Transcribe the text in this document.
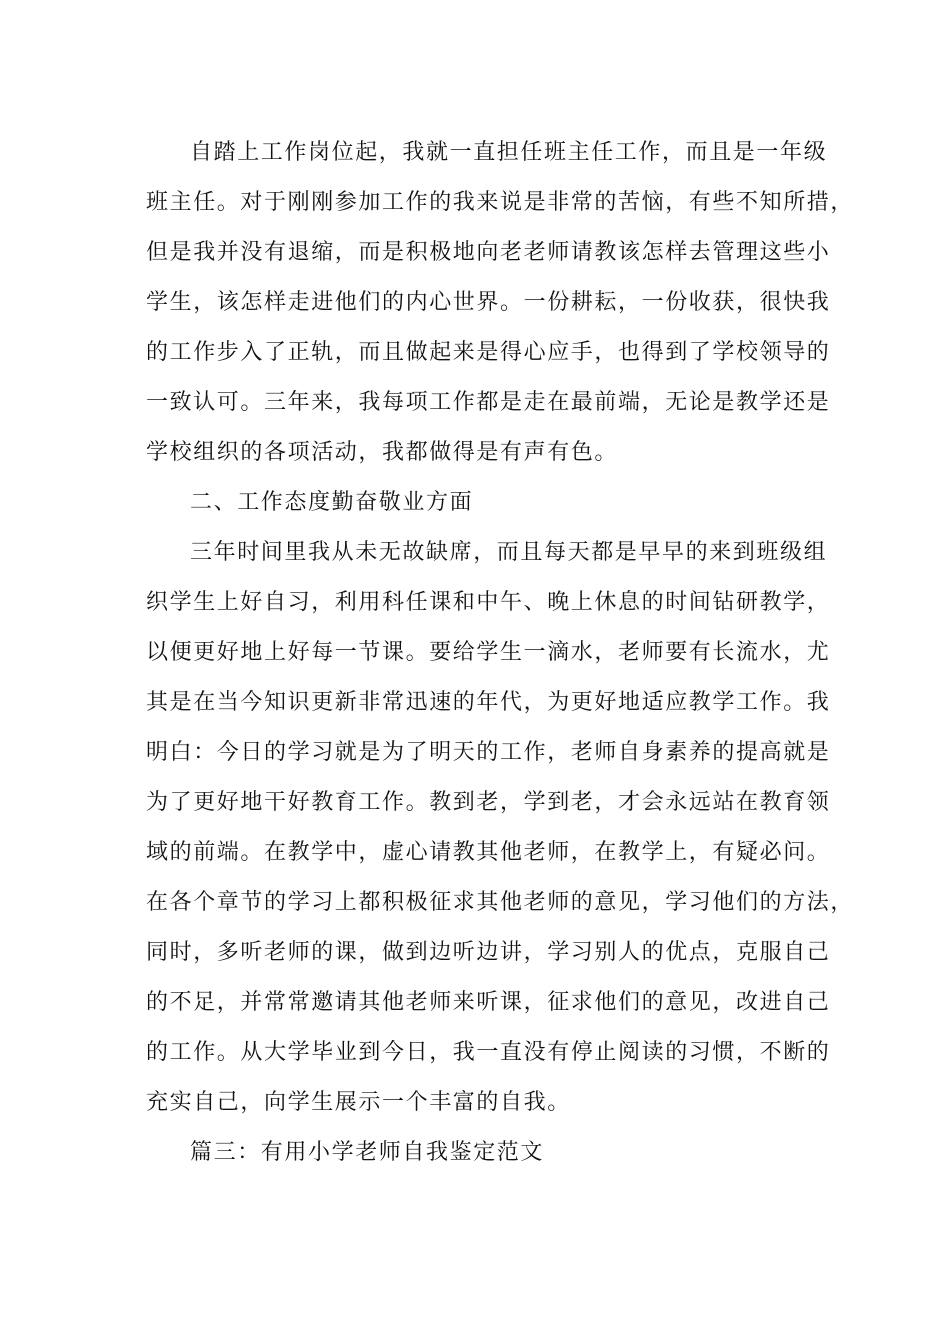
自踏上工作岗位起，我就一直担任班主任工作，而且是一年级
班主任。对于刚刚参加工作的我来说是非常的苦恼，有些不知所措，
但是我并没有退缩，而是积极地向老老师请教该怎样去管理这些小
学生，该怎样走进他们的内心世界。一份耕耘，一份收获，很快我
的工作步入了正轨，而且做起来是得心应手，也得到了学校领导的
一致认可。三年来，我每项工作都是走在最前端，无论是教学还是
学校组织的各项活动，我都做得是有声有色。
二、工作态度勤奋敬业方面
三年时间里我从未无故缺席，而且每天都是早早的来到班级组
织学生上好自习，利用科任课和中午、晚上休息的时间钻研教学，
以便更好地上好每一节课。要给学生一滴水，老师要有长流水，尤
其是在当今知识更新非常迅速的年代，为更好地适应教学工作。我
明白：今日的学习就是为了明天的工作，老师自身素养的提高就是
为了更好地干好教育工作。教到老，学到老，才会永远站在教育领
域的前端。在教学中，虚心请教其他老师，在教学上，有疑必问。
在各个章节的学习上都积极征求其他老师的意见，学习他们的方法，
同时，多听老师的课，做到边听边讲，学习别人的优点，克服自己
的不足，并常常邀请其他老师来听课，征求他们的意见，改进自己
的工作。从大学毕业到今日，我一直没有停止阅读的习惯，不断的
充实自己，向学生展示一个丰富的自我。
篇三：有用小学老师自我鉴定范文
